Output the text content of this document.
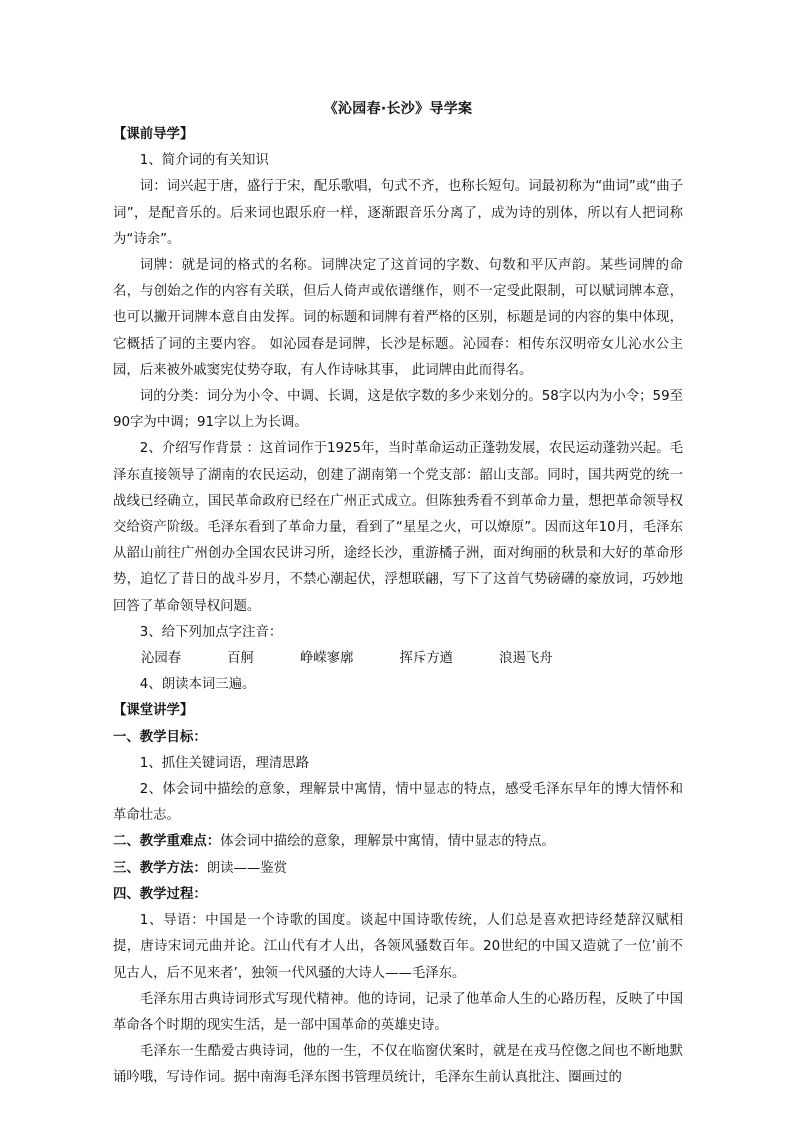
《沁园春·长沙》导学案

【课前导学】

1、简介词的有关知识

词：词兴起于唐，盛行于宋，配乐歌唱，句式不齐，也称长短句。词最初称为“曲词”或“曲子词”，是配音乐的。后来词也跟乐府一样，逐渐跟音乐分离了，成为诗的别体，所以有人把词称为“诗余”。

词牌：就是词的格式的名称。词牌决定了这首词的字数、句数和平仄声韵。某些词牌的命名，与创始之作的内容有关联，但后人倚声或依谱继作，则不一定受此限制，可以赋词牌本意，也可以撇开词牌本意自由发挥。词的标题和词牌有着严格的区别，标题是词的内容的集中体现，它概括了词的主要内容。 如沁园春是词牌，长沙是标题。沁园春：相传东汉明帝女儿沁水公主园，后来被外戚窦宪仗势夺取，有人作诗咏其事， 此词牌由此而得名。

词的分类：词分为小令、中调、长调，这是依字数的多少来划分的。58字以内为小令；59至90字为中调；91字以上为长调。

2、介绍写作背景 ：这首词作于1925年，当时革命运动正蓬勃发展，农民运动蓬勃兴起。毛泽东直接领导了湖南的农民运动，创建了湖南第一个党支部：韶山支部。同时，国共两党的统一战线已经确立，国民革命政府已经在广州正式成立。但陈独秀看不到革命力量，想把革命领导权交给资产阶级。毛泽东看到了革命力量，看到了“星星之火，可以燎原”。因而这年10月，毛泽东从韶山前往广州创办全国农民讲习所，途经长沙，重游橘子洲，面对绚丽的秋景和大好的革命形势，追忆了昔日的战斗岁月，不禁心潮起伏，浮想联翩，写下了这首气势磅礴的豪放词，巧妙地回答了革命领导权问题。

3、给下列加点字注音：

沁园春	百舸	峥嵘寥廓	挥斥方遒	浪遏飞舟

4、朗读本词三遍。

【课堂讲学】

一、教学目标：

1、抓住关键词语，理清思路

2、体会词中描绘的意象，理解景中寓情，情中显志的特点，感受毛泽东早年的博大情怀和革命壮志。

二、教学重难点：体会词中描绘的意象，理解景中寓情，情中显志的特点。

三、教学方法：朗读——鉴赏

四、教学过程：

1、导语：中国是一个诗歌的国度。谈起中国诗歌传统，人们总是喜欢把诗经楚辞汉赋相提，唐诗宋词元曲并论。江山代有才人出，各领风骚数百年。20世纪的中国又造就了一位’前不见古人，后不见来者’，独领一代风骚的大诗人——毛泽东。

毛泽东用古典诗词形式写现代精神。他的诗词，记录了他革命人生的心路历程，反映了中国革命各个时期的现实生活，是一部中国革命的英雄史诗。

毛泽东一生酷爱古典诗词，他的一生，不仅在临窗伏案时，就是在戎马倥偬之间也不断地默诵吟哦，写诗作词。据中南海毛泽东图书管理员统计，毛泽东生前认真批注、圈画过的
